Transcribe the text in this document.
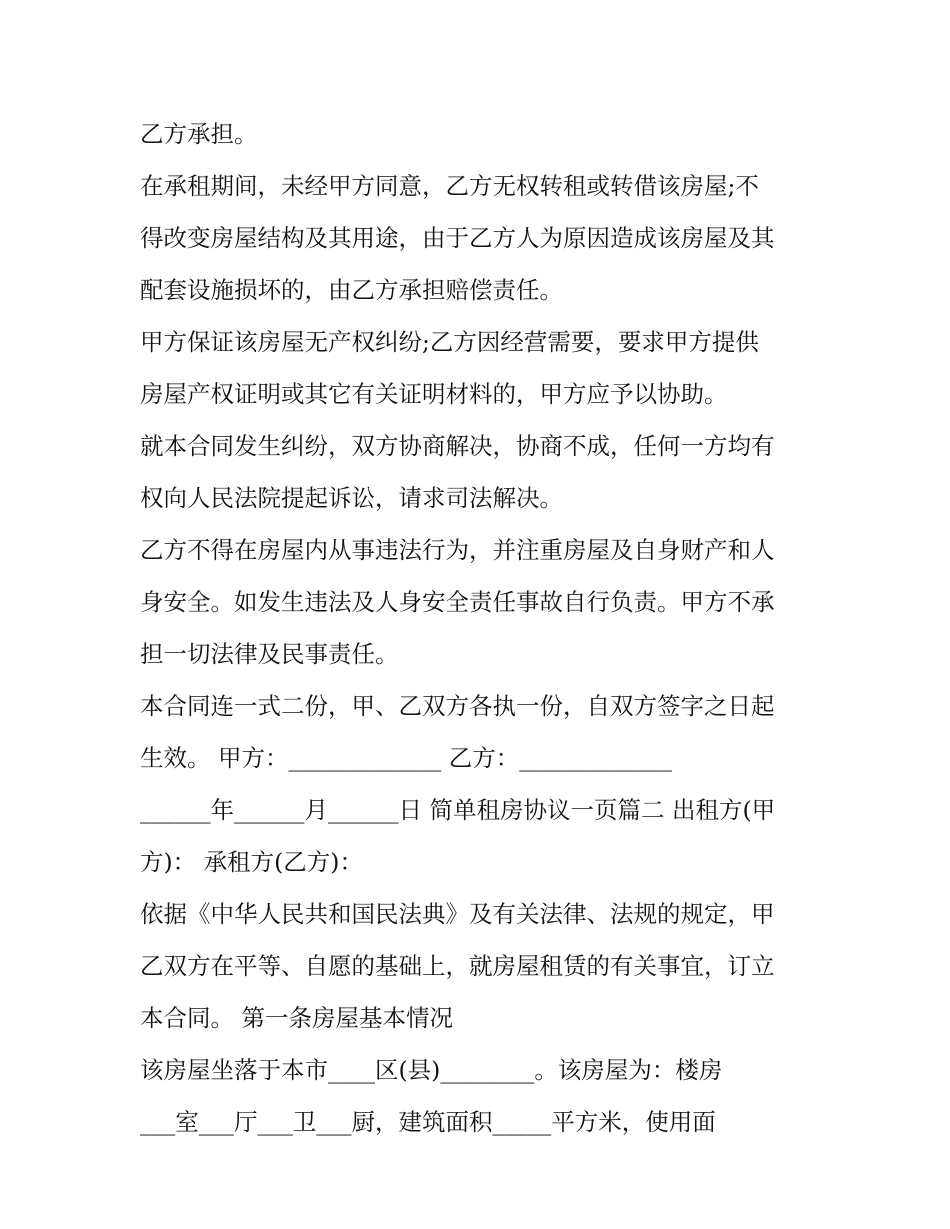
乙方承担。
在承租期间，未经甲方同意，乙方无权转租或转借该房屋;不
得改变房屋结构及其用途，由于乙方人为原因造成该房屋及其
配套设施损坏的，由乙方承担赔偿责任。
甲方保证该房屋无产权纠纷;乙方因经营需要，要求甲方提供
房屋产权证明或其它有关证明材料的，甲方应予以协助。
就本合同发生纠纷，双方协商解决，协商不成，任何一方均有
权向人民法院提起诉讼，请求司法解决。
乙方不得在房屋内从事违法行为，并注重房屋及自身财产和人
身安全。如发生违法及人身安全责任事故自行负责。甲方不承
担一切法律及民事责任。
本合同连一式二份，甲、乙双方各执一份，自双方签字之日起
生效。 甲方：_____________ 乙方：_____________
______年______月______日 简单租房协议一页篇二 出租方(甲
方)： 承租方(乙方)：
依据《中华人民共和国民法典》及有关法律、法规的规定，甲
乙双方在平等、自愿的基础上，就房屋租赁的有关事宜，订立
本合同。 第一条房屋基本情况
该房屋坐落于本市____区(县)________。该房屋为：楼房
___室___厅___卫___厨，建筑面积_____平方米，使用面
